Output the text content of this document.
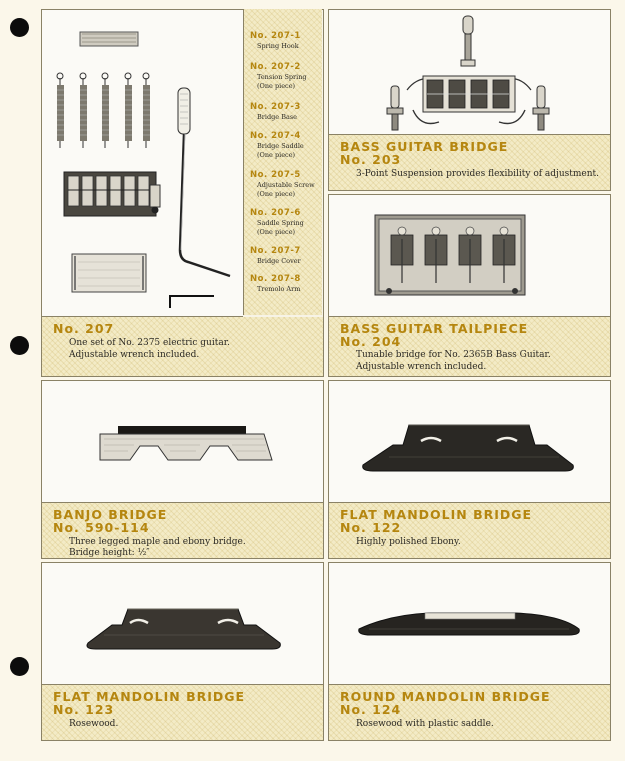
No. 207
One set of No. 2375 electric guitar.
Adjustable wrench included.
No. 207-1
Spring Hook
No. 207-2
Tension Spring
(One piece)
No. 207-3
Bridge Base
No. 207-4
Bridge Saddle
(One piece)
No. 207-5
Adjustable Screw
(One piece)
No. 207-6
Saddle Spring
(One piece)
No. 207-7
Bridge Cover
No. 207-8
Tremolo Arm
BASS GUITAR BRIDGE
No. 203
3-Point Suspension provides flexibility of adjustment.
BASS GUITAR TAILPIECE
No. 204
Tunable bridge for No. 2365B Bass Guitar.
Adjustable wrench included.
BANJO BRIDGE
No. 590-114
Three legged maple and ebony bridge.
Bridge height: ½″
FLAT MANDOLIN BRIDGE
No. 122
Highly polished Ebony.
FLAT MANDOLIN BRIDGE
No. 123
Rosewood.
ROUND MANDOLIN BRIDGE
No. 124
Rosewood with plastic saddle.
